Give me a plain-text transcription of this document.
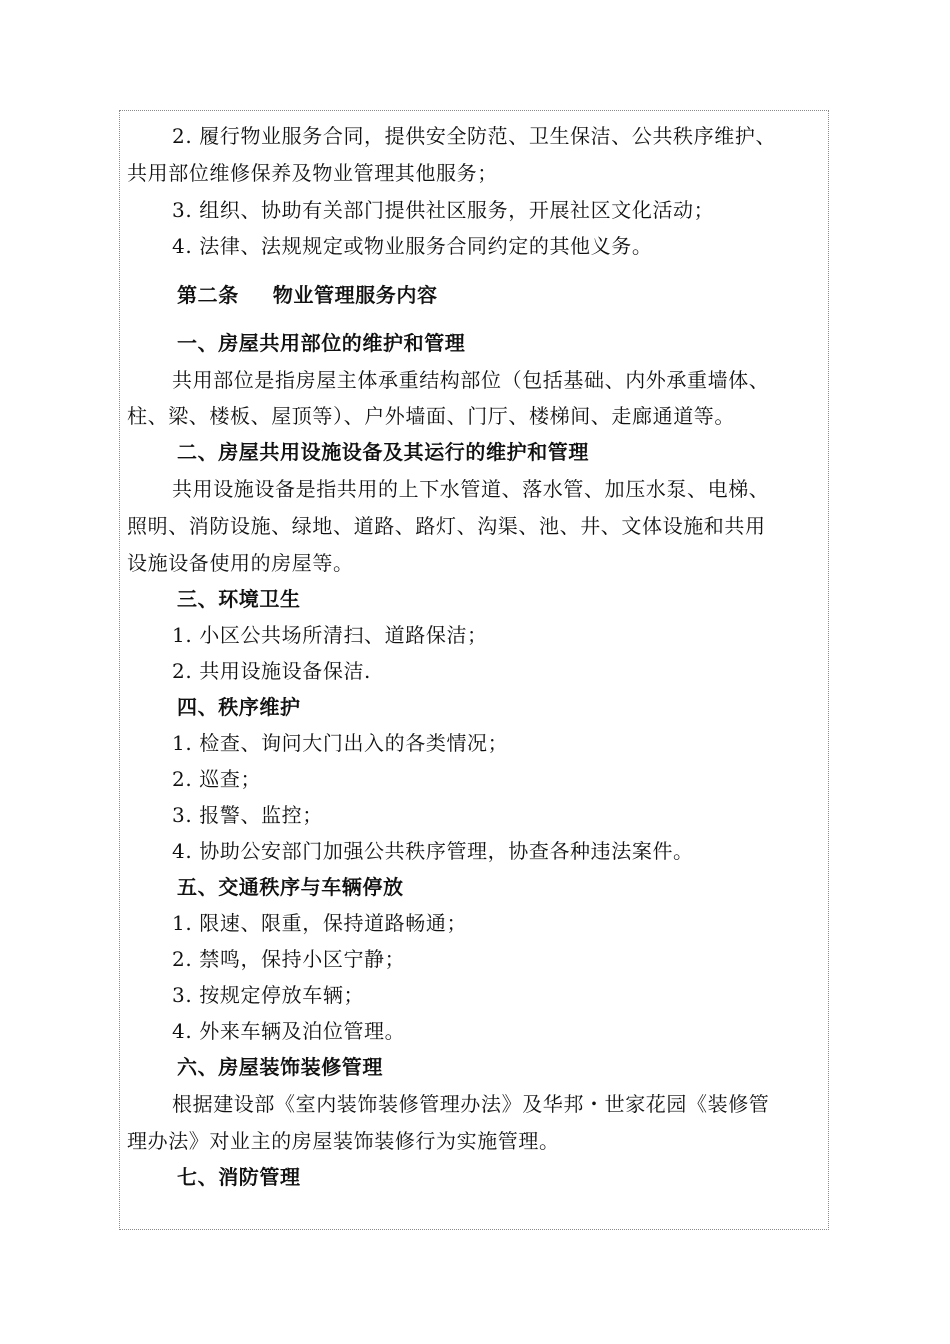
2. 履行物业服务合同，提供安全防范、卫生保洁、公共秩序维护、
共用部位维修保养及物业管理其他服务；
3. 组织、协助有关部门提供社区服务，开展社区文化活动；
4. 法律、法规规定或物业服务合同约定的其他义务。
第二条 物业管理服务内容
一、房屋共用部位的维护和管理
共用部位是指房屋主体承重结构部位（包括基础、内外承重墙体、
柱、梁、楼板、屋顶等）、户外墙面、门厅、楼梯间、走廊通道等。
二、房屋共用设施设备及其运行的维护和管理
共用设施设备是指共用的上下水管道、落水管、加压水泵、电梯、
照明、消防设施、绿地、道路、路灯、沟渠、池、井、文体设施和共用
设施设备使用的房屋等。
三、环境卫生
1. 小区公共场所清扫、道路保洁；
2. 共用设施设备保洁.
四、秩序维护
1. 检查、询问大门出入的各类情况；
2. 巡查；
3. 报警、监控；
4. 协助公安部门加强公共秩序管理，协查各种违法案件。
五、交通秩序与车辆停放
1. 限速、限重，保持道路畅通；
2. 禁鸣，保持小区宁静；
3. 按规定停放车辆；
4. 外来车辆及泊位管理。
六、房屋装饰装修管理
根据建设部《室内装饰装修管理办法》及华邦・世家花园《装修管
理办法》对业主的房屋装饰装修行为实施管理。
七、消防管理
